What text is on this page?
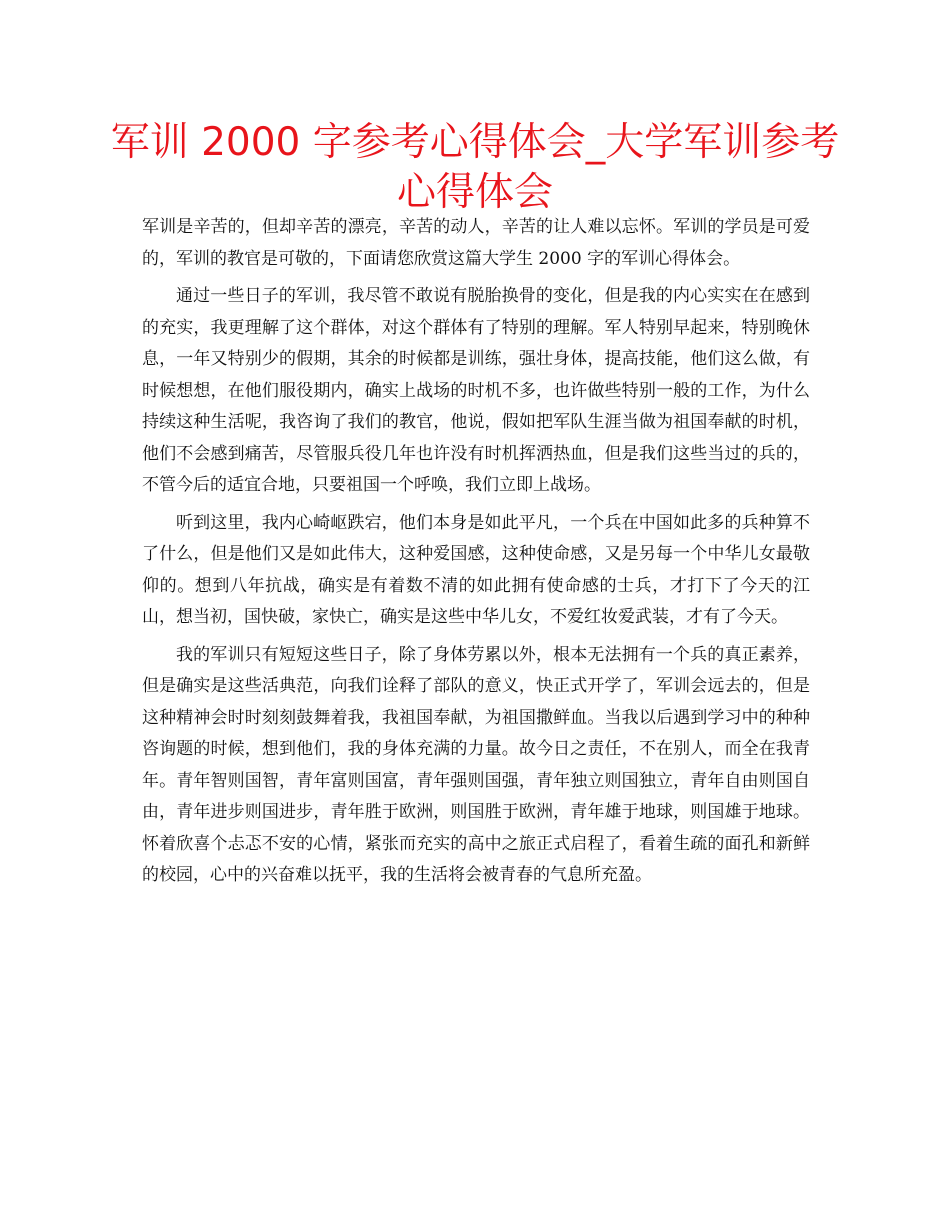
军训 2000 字参考心得体会_大学军训参考心得体会

军训是辛苦的，但却辛苦的漂亮，辛苦的动人，辛苦的让人难以忘怀。军训的学员是可爱的，军训的教官是可敬的，下面请您欣赏这篇大学生 2000 字的军训心得体会。

通过一些日子的军训，我尽管不敢说有脱胎换骨的变化，但是我的内心实实在在感到的充实，我更理解了这个群体，对这个群体有了特别的理解。军人特别早起来，特别晚休息，一年又特别少的假期，其余的时候都是训练，强壮身体，提高技能，他们这么做，有时候想想，在他们服役期内，确实上战场的时机不多，也许做些特别一般的工作，为什么持续这种生活呢，我咨询了我们的教官，他说，假如把军队生涯当做为祖国奉献的时机，他们不会感到痛苦，尽管服兵役几年也许没有时机挥洒热血，但是我们这些当过的兵的，不管今后的适宜合地，只要祖国一个呼唤，我们立即上战场。

听到这里，我内心崎岖跌宕，他们本身是如此平凡，一个兵在中国如此多的兵种算不了什么，但是他们又是如此伟大，这种爱国感，这种使命感，又是另每一个中华儿女最敬仰的。想到八年抗战，确实是有着数不清的如此拥有使命感的士兵，才打下了今天的江山，想当初，国快破，家快亡，确实是这些中华儿女，不爱红妆爱武装，才有了今天。

我的军训只有短短这些日子，除了身体劳累以外，根本无法拥有一个兵的真正素养，但是确实是这些活典范，向我们诠释了部队的意义，快正式开学了，军训会远去的，但是这种精神会时时刻刻鼓舞着我，我祖国奉献，为祖国撒鲜血。当我以后遇到学习中的种种咨询题的时候，想到他们，我的身体充满的力量。故今日之责任，不在别人，而全在我青年。青年智则国智，青年富则国富，青年强则国强，青年独立则国独立，青年自由则国自由，青年进步则国进步，青年胜于欧洲，则国胜于欧洲，青年雄于地球，则国雄于地球。怀着欣喜个忐忑不安的心情，紧张而充实的高中之旅正式启程了，看着生疏的面孔和新鲜的校园，心中的兴奋难以抚平，我的生活将会被青春的气息所充盈。
